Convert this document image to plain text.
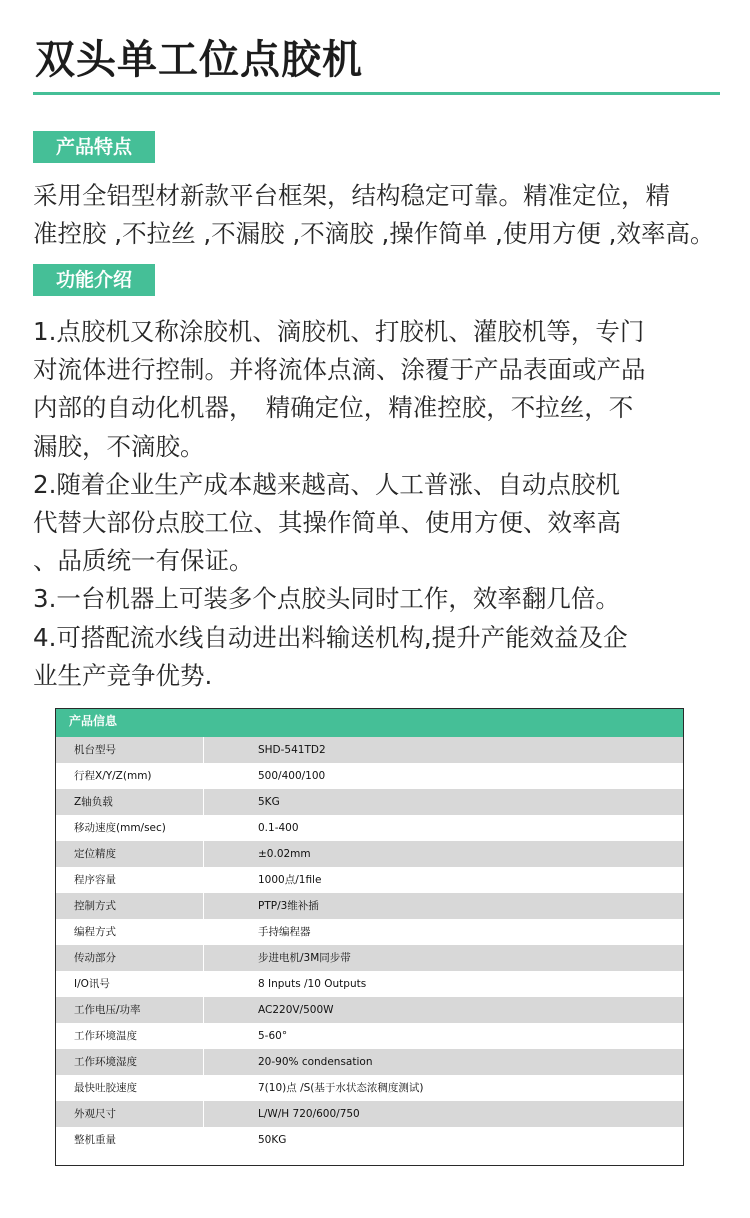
双头单工位点胶机
产品特点
采用全铝型材新款平台框架，结构稳定可靠。精准定位，精
准控胶 ,不拉丝 ,不漏胶 ,不滴胶 ,操作简单 ,使用方便 ,效率高。
功能介绍
1.点胶机又称涂胶机、滴胶机、打胶机、灌胶机等，专门
对流体进行控制。并将流体点滴、涂覆于产品表面或产品
内部的自动化机器，　精确定位，精准控胶，不拉丝，不
漏胶，不滴胶。
2.随着企业生产成本越来越高、人工普涨、自动点胶机
代替大部份点胶工位、其操作简单、使用方便、效率高
、品质统一有保证。
3.一台机器上可装多个点胶头同时工作，效率翻几倍。
4.可搭配流水线自动进出料输送机构,提升产能效益及企
业生产竞争优势.
产品信息
机台型号	SHD-541TD2
行程X/Y/Z(mm)	500/400/100
Z轴负载	5KG
移动速度(mm/sec)	0.1-400
定位精度	±0.02mm
程序容量	1000点/1file
控制方式	PTP/3维补插
编程方式	手持编程器
传动部分	步进电机/3M同步带
I/O讯号	8 Inputs /10 Outputs
工作电压/功率	AC220V/500W
工作环境温度	5-60°
工作环境湿度	20-90% condensation
最快吐胶速度	7(10)点 /S(基于水状态浓稠度测试)
外观尺寸	L/W/H 720/600/750
整机重量	50KG
